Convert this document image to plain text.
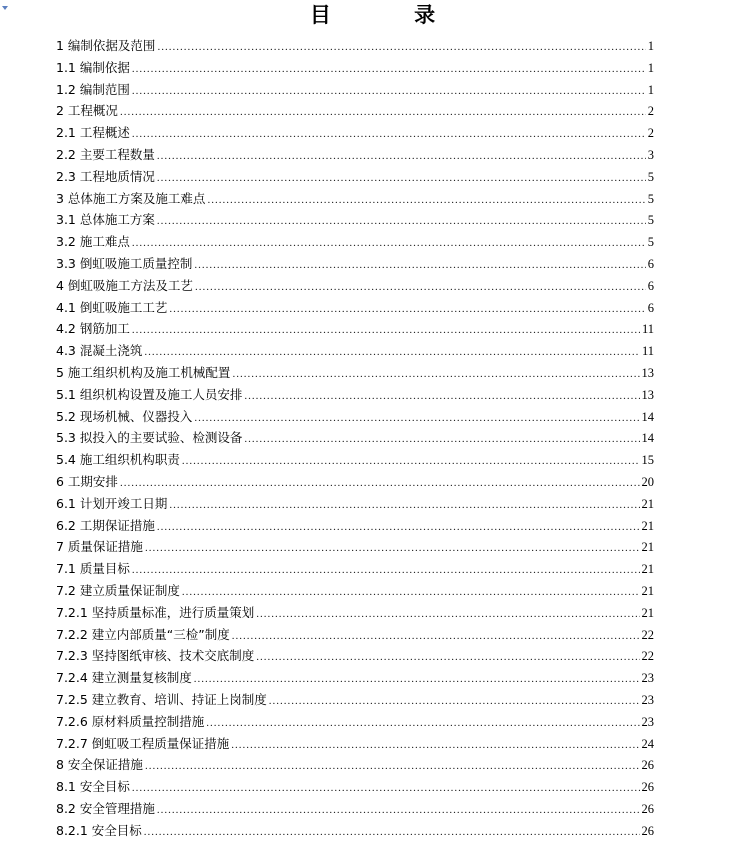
目 录
1 编制依据及范围 .....	1
1.1 编制依据 .....	1
1.2 编制范围 .....	1
2 工程概况 .....	2
2.1 工程概述 .....	2
2.2 主要工程数量 .....	3
2.3 工程地质情况 .....	5
3 总体施工方案及施工难点 .....	5
3.1 总体施工方案 .....	5
3.2 施工难点 .....	5
3.3 倒虹吸施工质量控制 .....	6
4 倒虹吸施工方法及工艺 .....	6
4.1 倒虹吸施工工艺 .....	6
4.2 钢筋加工 .....	11
4.3 混凝土浇筑 .....	11
5 施工组织机构及施工机械配置 .....	13
5.1 组织机构设置及施工人员安排 .....	13
5.2 现场机械、仪器投入 .....	14
5.3 拟投入的主要试验、检测设备 .....	14
5.4 施工组织机构职责 .....	15
6 工期安排 .....	20
6.1 计划开竣工日期 .....	21
6.2 工期保证措施 .....	21
7 质量保证措施 .....	21
7.1 质量目标 .....	21
7.2 建立质量保证制度 .....	21
7.2.1 坚持质量标准，进行质量策划 .....	21
7.2.2 建立内部质量“三检”制度 .....	22
7.2.3 坚持图纸审核、技术交底制度 .....	22
7.2.4 建立测量复核制度 .....	23
7.2.5 建立教育、培训、持证上岗制度 .....	23
7.2.6 原材料质量控制措施 .....	23
7.2.7 倒虹吸工程质量保证措施 .....	24
8 安全保证措施 .....	26
8.1 安全目标 .....	26
8.2 安全管理措施 .....	26
8.2.1 安全目标 .....	26
